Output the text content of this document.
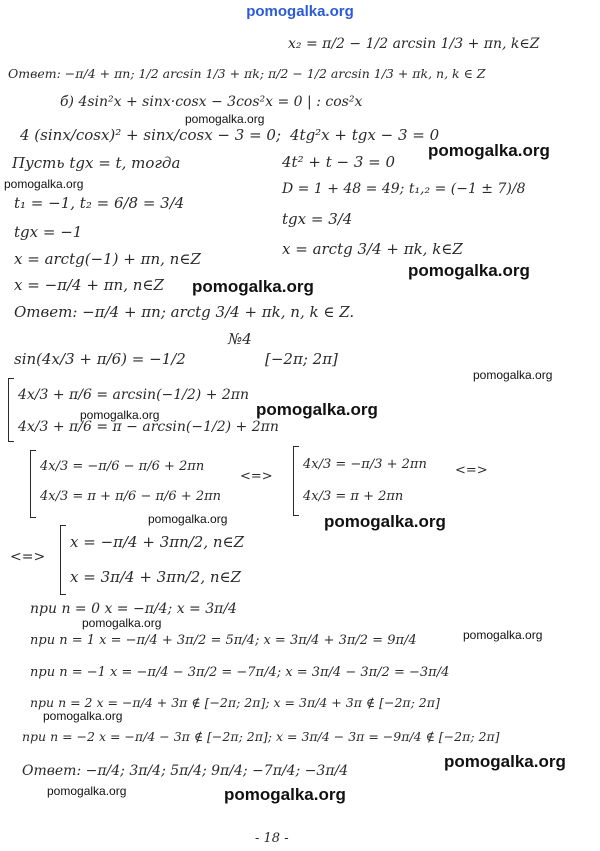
pomogalka.org
x₂ = π/2 − 1/2 arcsin 1/3 + πn, k∈Z
Ответ: −π/4 + πn; 1/2 arcsin 1/3 + πk; π/2 − 1/2 arcsin 1/3 + πk, n, k ∈ Z
б) 4sin²x + sinx·cosx − 3cos²x = 0 | : cos²x
4 (sinx/cosx)² + sinx/cosx − 3 = 0; 4tg²x + tgx − 3 = 0
Пусть tgx = t, тогда	4t² + t − 3 = 0
D = 1 + 48 = 49; t₁,₂ = (−1 ± 7)/8
t₁ = −1, t₂ = 6/8 = 3/4
tgx = −1
tgx = 3/4
x = arctg(−1) + πn, n∈Z
x = arctg 3/4 + πk, k∈Z
x = −π/4 + πn, n∈Z
Ответ: −π/4 + πn; arctg 3/4 + πk, n, k ∈ Z.
№4
sin(4x/3 + π/6) = −1/2	[−2π; 2π]
4x/3 + π/6 = arcsin(−1/2) + 2πn
4x/3 + π/6 = π − arcsin(−1/2) + 2πn
4x/3 = −π/6 − π/6 + 2πn
<=>
4x/3 = −π/3 + 2πn <=>
4x/3 = π + π/6 − π/6 + 2πn	4x/3 = π + 2πn
<=>
x = −π/4 + 3πn/2, n∈Z
x = 3π/4 + 3πn/2, n∈Z
при n = 0 x = −π/4; x = 3π/4
при n = 1 x = −π/4 + 3π/2 = 5π/4; x = 3π/4 + 3π/2 = 9π/4
при n = −1 x = −π/4 − 3π/2 = −7π/4; x = 3π/4 − 3π/2 = −3π/4
при n = 2 x = −π/4 + 3π ∉ [−2π; 2π]; x = 3π/4 + 3π ∉ [−2π; 2π]
при n = −2 x = −π/4 − 3π ∉ [−2π; 2π]; x = 3π/4 − 3π = −9π/4 ∉ [−2π; 2π]
Ответ: −π/4; 3π/4; 5π/4; 9π/4; −7π/4; −3π/4
- 18 -
pomogalka.org
pomogalka.org
pomogalka.org
pomogalka.org
pomogalka.org
pomogalka.org
pomogalka.org
pomogalka.org
pomogalka.org
pomogalka.org
pomogalka.org
pomogalka.org
pomogalka.org
pomogalka.org
pomogalka.org	pomogalka.org
